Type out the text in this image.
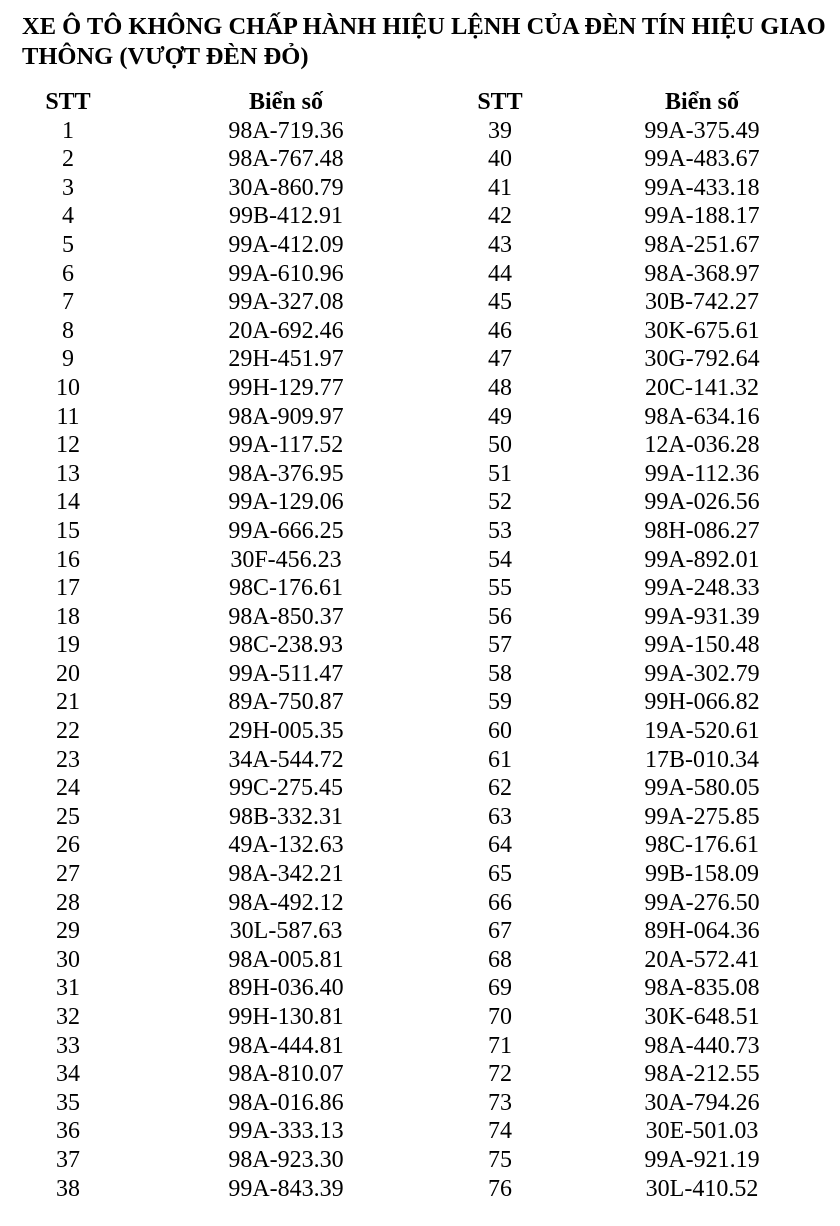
XE Ô TÔ KHÔNG CHẤP HÀNH HIỆU LỆNH CỦA ĐÈN TÍN HIỆU GIAO THÔNG (VƯỢT ĐÈN ĐỎ)
STT	Biển số	STT	Biển số
1	98A-719.36	39	99A-375.49
2	98A-767.48	40	99A-483.67
3	30A-860.79	41	99A-433.18
4	99B-412.91	42	99A-188.17
5	99A-412.09	43	98A-251.67
6	99A-610.96	44	98A-368.97
7	99A-327.08	45	30B-742.27
8	20A-692.46	46	30K-675.61
9	29H-451.97	47	30G-792.64
10	99H-129.77	48	20C-141.32
11	98A-909.97	49	98A-634.16
12	99A-117.52	50	12A-036.28
13	98A-376.95	51	99A-112.36
14	99A-129.06	52	99A-026.56
15	99A-666.25	53	98H-086.27
16	30F-456.23	54	99A-892.01
17	98C-176.61	55	99A-248.33
18	98A-850.37	56	99A-931.39
19	98C-238.93	57	99A-150.48
20	99A-511.47	58	99A-302.79
21	89A-750.87	59	99H-066.82
22	29H-005.35	60	19A-520.61
23	34A-544.72	61	17B-010.34
24	99C-275.45	62	99A-580.05
25	98B-332.31	63	99A-275.85
26	49A-132.63	64	98C-176.61
27	98A-342.21	65	99B-158.09
28	98A-492.12	66	99A-276.50
29	30L-587.63	67	89H-064.36
30	98A-005.81	68	20A-572.41
31	89H-036.40	69	98A-835.08
32	99H-130.81	70	30K-648.51
33	98A-444.81	71	98A-440.73
34	98A-810.07	72	98A-212.55
35	98A-016.86	73	30A-794.26
36	99A-333.13	74	30E-501.03
37	98A-923.30	75	99A-921.19
38	99A-843.39	76	30L-410.52
